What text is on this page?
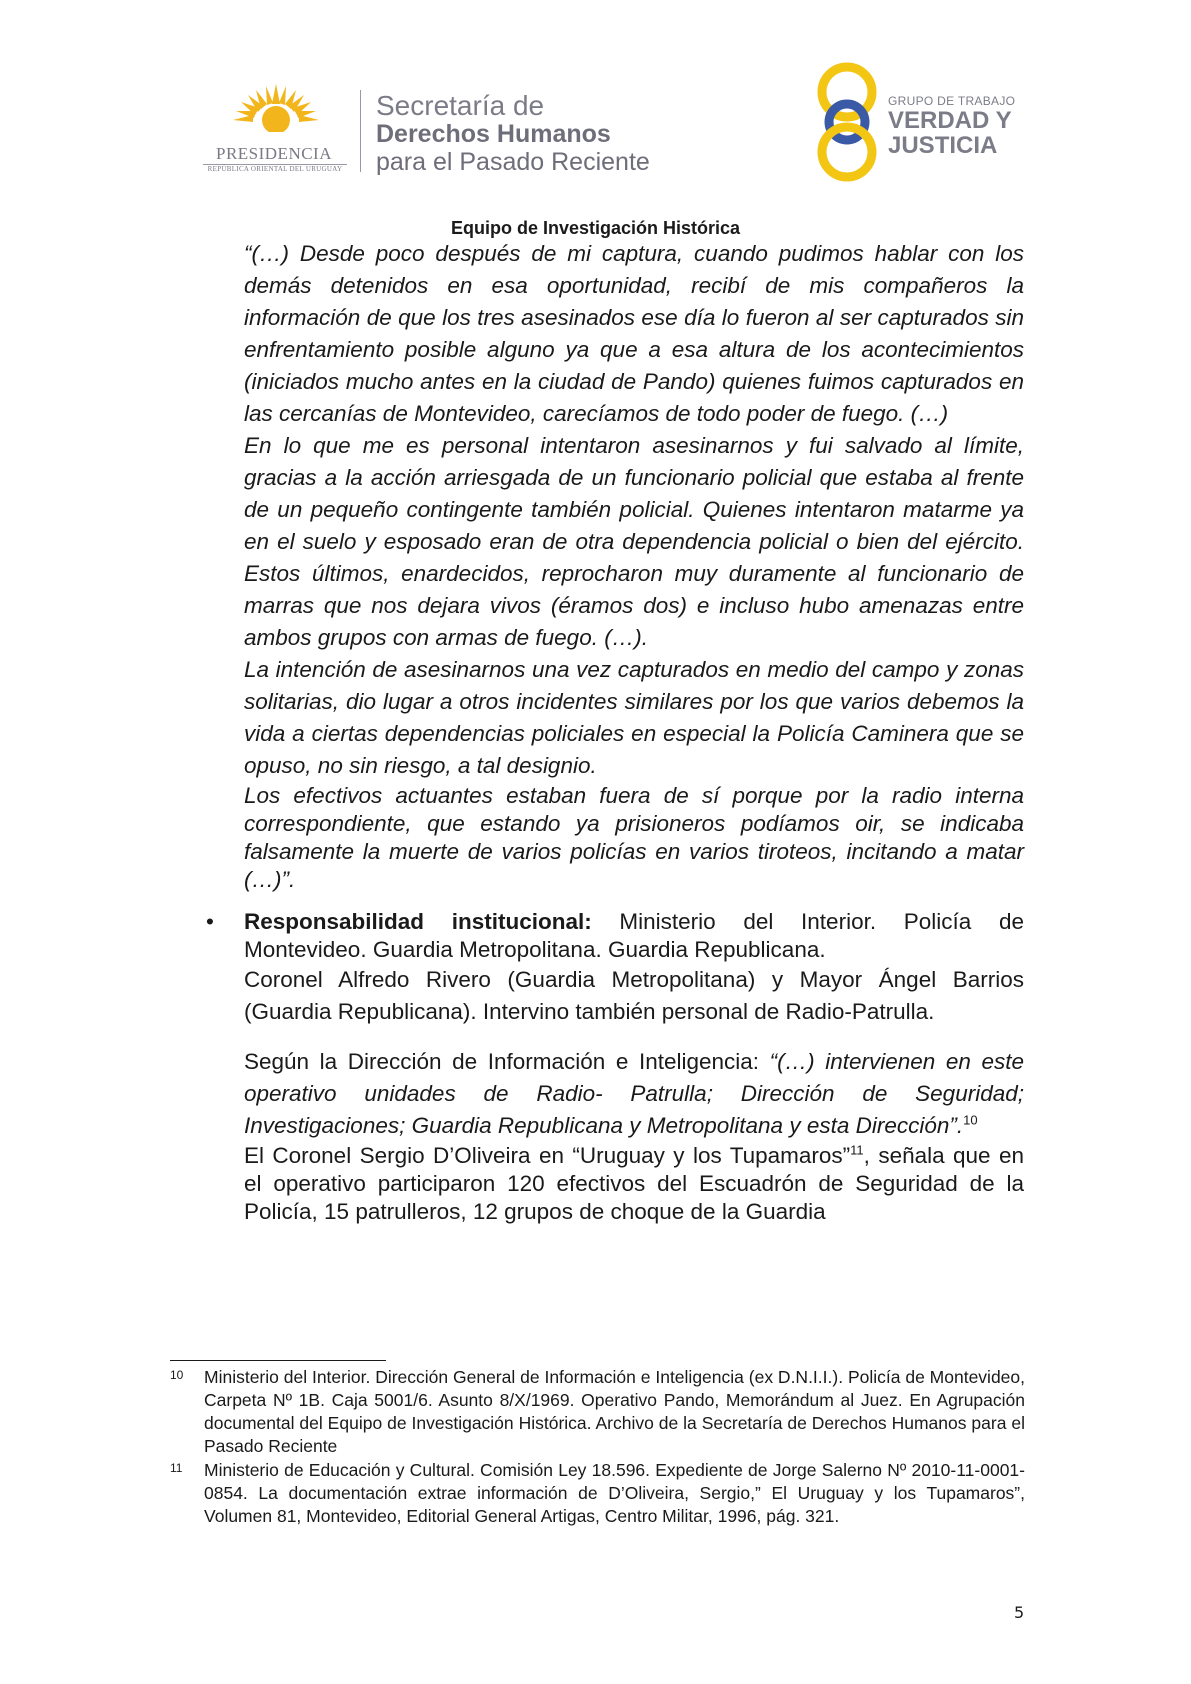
PRESIDENCIA
REPÚBLICA ORIENTAL DEL URUGUAY
Secretaría de
Derechos Humanos
para el Pasado Reciente
GRUPO DE TRABAJO
VERDAD Y
JUSTICIA
Equipo de Investigación Histórica

“(…) Desde poco después de mi captura, cuando pudimos hablar con los demás detenidos en esa oportunidad, recibí de mis compañeros la información de que los tres asesinados ese día lo fueron al ser capturados sin enfrentamiento posible alguno ya que a esa altura de los acontecimientos (iniciados mucho antes en la ciudad de Pando) quienes fuimos capturados en las cercanías de Montevideo, carecíamos de todo poder de fuego. (…)

En lo que me es personal intentaron asesinarnos y fui salvado al límite, gracias a la acción arriesgada de un funcionario policial que estaba al frente de un pequeño contingente también policial. Quienes intentaron matarme ya en el suelo y esposado eran de otra dependencia policial o bien del ejército. Estos últimos, enardecidos, reprocharon muy duramente al funcionario de marras que nos dejara vivos (éramos dos) e incluso hubo amenazas entre ambos grupos con armas de fuego. (…).

La intención de asesinarnos una vez capturados en medio del campo y zonas solitarias, dio lugar a otros incidentes similares por los que varios debemos la vida a ciertas dependencias policiales en especial la Policía Caminera que se opuso, no sin riesgo, a tal designio.

Los efectivos actuantes estaban fuera de sí porque por la radio interna correspondiente, que estando ya prisioneros podíamos oir, se indicaba falsamente la muerte de varios policías en varios tiroteos, incitando a matar (…)”.

• Responsabilidad institucional: Ministerio del Interior. Policía de Montevideo. Guardia Metropolitana. Guardia Republicana.

Coronel Alfredo Rivero (Guardia Metropolitana) y Mayor Ángel Barrios (Guardia Republicana). Intervino también personal de Radio-Patrulla.

Según la Dirección de Información e Inteligencia: “(…) intervienen en este operativo unidades de Radio- Patrulla; Dirección de Seguridad; Investigaciones; Guardia Republicana y Metropolitana y esta Dirección”.$^{10}$

El Coronel Sergio D’Oliveira en “Uruguay y los Tupamaros”$^{11}$, señala que en el operativo participaron 120 efectivos del Escuadrón de Seguridad de la Policía, 15 patrulleros, 12 grupos de choque de la Guardia

10 Ministerio del Interior. Dirección General de Información e Inteligencia (ex D.N.I.I.). Policía de Montevideo, Carpeta Nº 1B. Caja 5001/6. Asunto 8/X/1969. Operativo Pando, Memorándum al Juez. En Agrupación documental del Equipo de Investigación Histórica. Archivo de la Secretaría de Derechos Humanos para el Pasado Reciente
11 Ministerio de Educación y Cultural. Comisión Ley 18.596. Expediente de Jorge Salerno Nº 2010-11-0001-0854. La documentación extrae información de D’Oliveira, Sergio,” El Uruguay y los Tupamaros”, Volumen 81, Montevideo, Editorial General Artigas, Centro Militar, 1996, pág. 321.
5
